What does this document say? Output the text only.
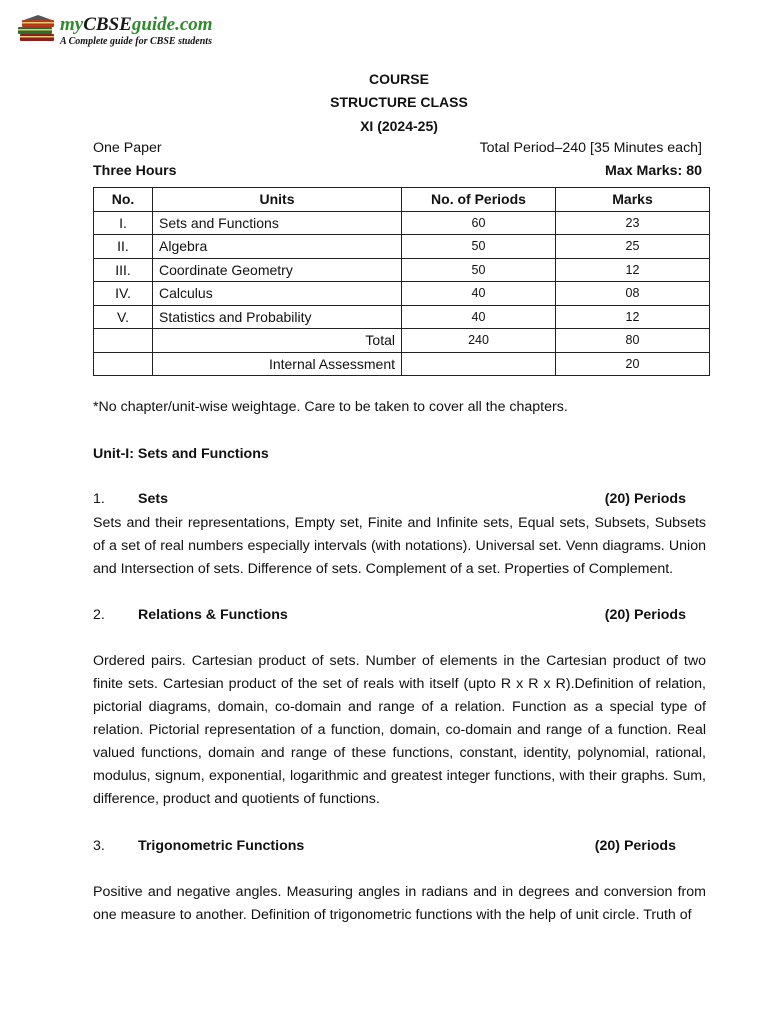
myCBSEguide.com
A Complete guide for CBSE students
COURSE
STRUCTURE CLASS
XI (2024-25)
One Paper	Total Period–240 [35 Minutes each]
Three Hours	Max Marks: 80
No.	Units	No. of Periods	Marks
I.	Sets and Functions	60	23
II.	Algebra	50	25
III.	Coordinate Geometry	50	12
IV.	Calculus	40	08
V.	Statistics and Probability	40	12
	Total	240	80
	Internal Assessment		20
*No chapter/unit-wise weightage. Care to be taken to cover all the chapters.
Unit-I: Sets and Functions
1. Sets	(20) Periods
Sets and their representations, Empty set, Finite and Infinite sets, Equal sets, Subsets, Subsets of a set of real numbers especially intervals (with notations). Universal set. Venn diagrams. Union and Intersection of sets. Difference of sets. Complement of a set. Properties of Complement.
2. Relations & Functions	(20) Periods
Ordered pairs. Cartesian product of sets. Number of elements in the Cartesian product of two finite sets. Cartesian product of the set of reals with itself (upto R x R x R).Definition of relation, pictorial diagrams, domain, co-domain and range of a relation. Function as a special type of relation. Pictorial representation of a function, domain, co-domain and range of a function. Real valued functions, domain and range of these functions, constant, identity, polynomial, rational, modulus, signum, exponential, logarithmic and greatest integer functions, with their graphs. Sum, difference, product and quotients of functions.
3. Trigonometric Functions	(20) Periods
Positive and negative angles. Measuring angles in radians and in degrees and conversion from one measure to another. Definition of trigonometric functions with the help of unit circle. Truth of
